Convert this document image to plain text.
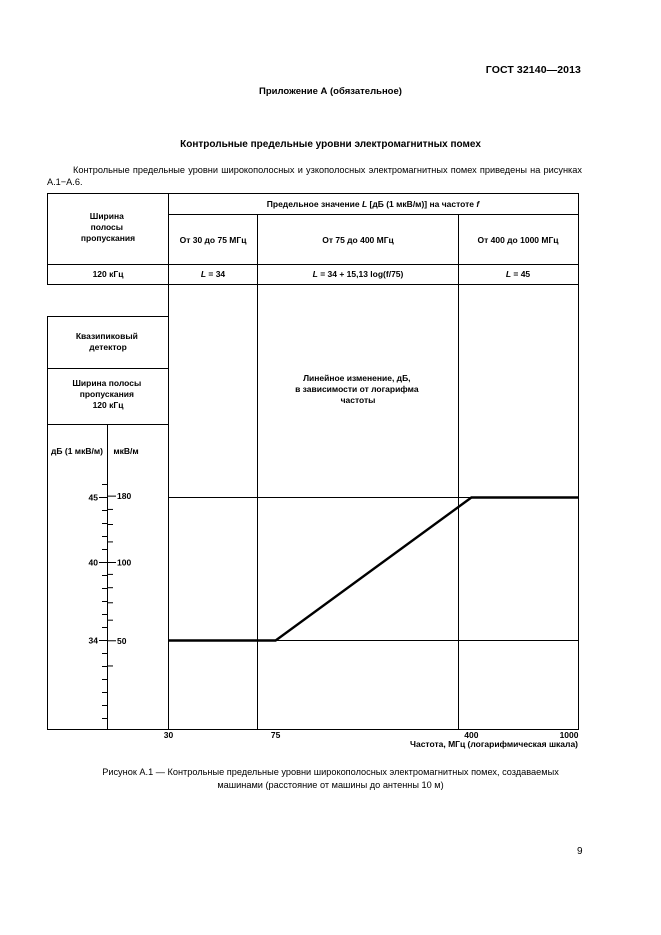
ГОСТ 32140—2013

Приложение А (обязательное)

Контрольные предельные уровни электромагнитных помех

Контрольные предельные уровни широкополосных и узкополосных электромагнитных помех приведены на рисунках А.1−А.6.

Ширина полосы пропускания
Предельное значение L [дБ (1 мкВ/м)] на частоте f
От 30 до 75 МГц	От 75 до 400 МГц	От 400 до 1000 МГц
120 кГц	L = 34	L = 34 + 15,13 log(f/75)	L = 45
Квазипиковый детектор
Ширина полосы пропускания 120 кГц
Линейное изменение, дБ, в зависимости от логарифма частоты
дБ (1 мкВ/м) мкВ/м
34
40
45
50
100
180
30	75	400	1000
Частота, МГц (логарифмическая шкала)

Рисунок А.1 — Контрольные предельные уровни широкополосных электромагнитных помех, создаваемых
машинами (расстояние от машины до антенны 10 м)

9
